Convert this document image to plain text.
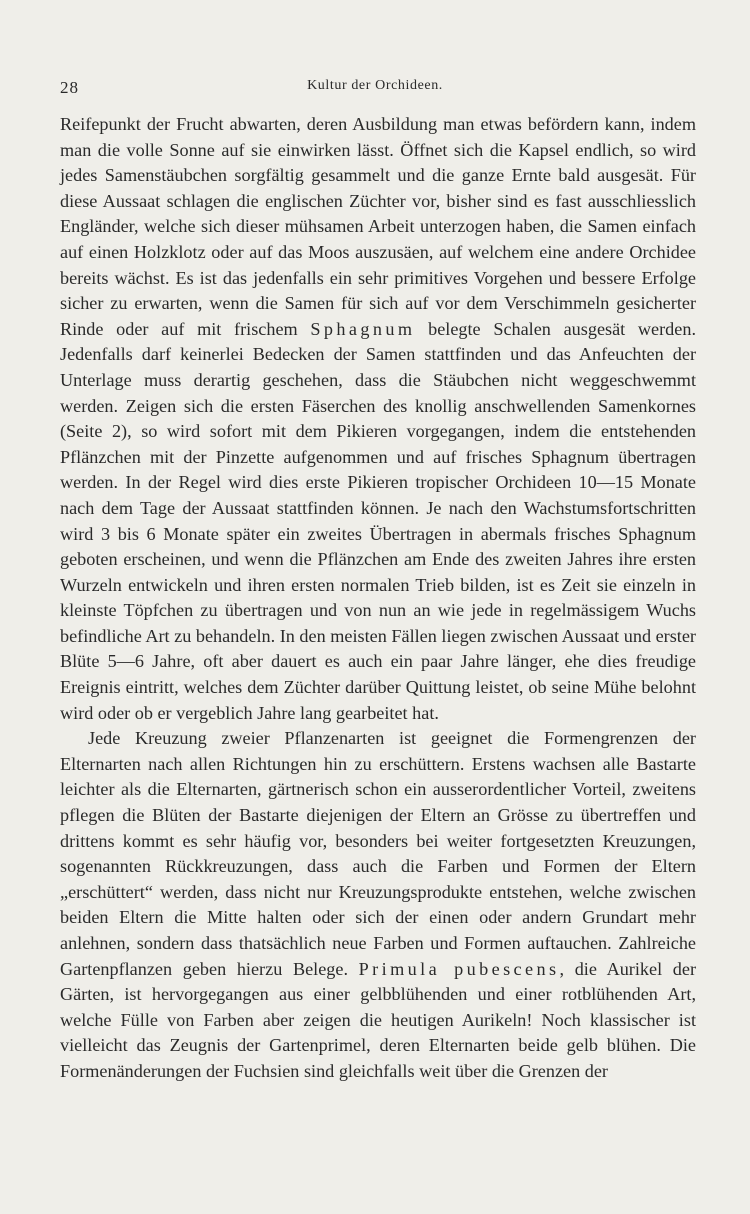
28	Kultur der Orchideen.

Reifepunkt der Frucht abwarten, deren Ausbildung man etwas befördern kann, indem man die volle Sonne auf sie einwirken lässt. Öffnet sich die Kapsel endlich, so wird jedes Samenstäubchen sorgfältig gesammelt und die ganze Ernte bald ausgesät. Für diese Aussaat schlagen die englischen Züchter vor, bisher sind es fast ausschliesslich Engländer, welche sich dieser mühsamen Arbeit unterzogen haben, die Samen einfach auf einen Holzklotz oder auf das Moos auszusäen, auf welchem eine andere Orchidee bereits wächst. Es ist das jedenfalls ein sehr primitives Vorgehen und bessere Erfolge sicher zu erwarten, wenn die Samen für sich auf vor dem Verschimmeln gesicherter Rinde oder auf mit frischem Sphagnum belegte Schalen ausgesät werden. Jedenfalls darf keinerlei Bedecken der Samen stattfinden und das Anfeuchten der Unterlage muss derartig geschehen, dass die Stäubchen nicht weggeschwemmt werden. Zeigen sich die ersten Fäserchen des knollig anschwellenden Samenkornes (Seite 2), so wird sofort mit dem Pikieren vorgegangen, indem die entstehenden Pflänzchen mit der Pinzette aufgenommen und auf frisches Sphagnum übertragen werden. In der Regel wird dies erste Pikieren tropischer Orchideen 10—15 Monate nach dem Tage der Aussaat stattfinden können. Je nach den Wachstumsfortschritten wird 3 bis 6 Monate später ein zweites Übertragen in abermals frisches Sphagnum geboten erscheinen, und wenn die Pflänzchen am Ende des zweiten Jahres ihre ersten Wurzeln entwickeln und ihren ersten normalen Trieb bilden, ist es Zeit sie einzeln in kleinste Töpfchen zu übertragen und von nun an wie jede in regelmässigem Wuchs befindliche Art zu behandeln. In den meisten Fällen liegen zwischen Aussaat und erster Blüte 5—6 Jahre, oft aber dauert es auch ein paar Jahre länger, ehe dies freudige Ereignis eintritt, welches dem Züchter darüber Quittung leistet, ob seine Mühe belohnt wird oder ob er vergeblich Jahre lang gearbeitet hat.

Jede Kreuzung zweier Pflanzenarten ist geeignet die Formengrenzen der Elternarten nach allen Richtungen hin zu erschüttern. Erstens wachsen alle Bastarte leichter als die Elternarten, gärtnerisch schon ein ausserordentlicher Vorteil, zweitens pflegen die Blüten der Bastarte diejenigen der Eltern an Grösse zu übertreffen und drittens kommt es sehr häufig vor, besonders bei weiter fortgesetzten Kreuzungen, sogenannten Rückkreuzungen, dass auch die Farben und Formen der Eltern „erschüttert“ werden, dass nicht nur Kreuzungsprodukte entstehen, welche zwischen beiden Eltern die Mitte halten oder sich der einen oder andern Grundart mehr anlehnen, sondern dass thatsächlich neue Farben und Formen auftauchen. Zahlreiche Gartenpflanzen geben hierzu Belege. Primula pubescens, die Aurikel der Gärten, ist hervorgegangen aus einer gelbblühenden und einer rotblühenden Art, welche Fülle von Farben aber zeigen die heutigen Aurikeln! Noch klassischer ist vielleicht das Zeugnis der Gartenprimel, deren Elternarten beide gelb blühen. Die Formenänderungen der Fuchsien sind gleichfalls weit über die Grenzen der
